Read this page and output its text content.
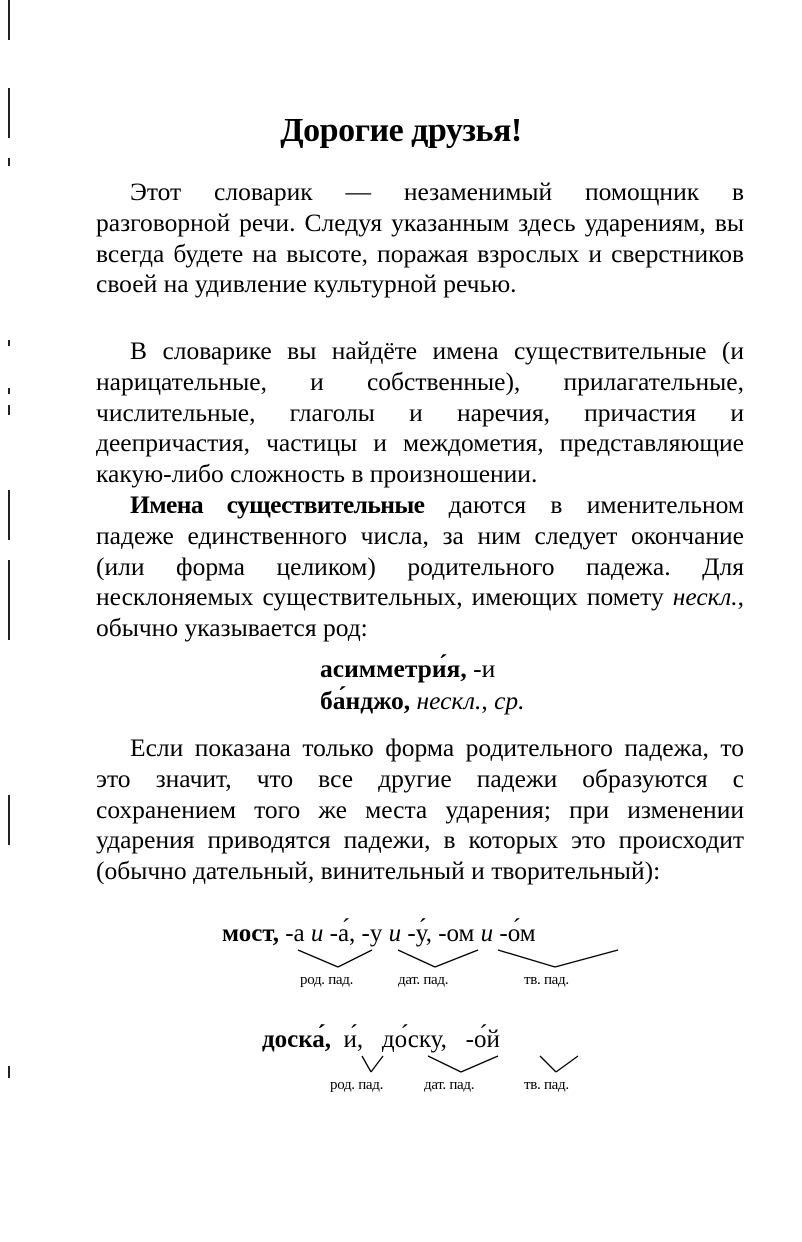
Дорогие друзья!

Этот словарик — незаменимый помощник в разговорной речи. Следуя указанным здесь ударениям, вы всегда будете на высоте, поражая взрослых и сверстников своей на удивление культурной речью.

В словарике вы найдёте имена существительные (и нарицательные, и собственные), прилагательные, числительные, глаголы и наречия, причастия и деепричастия, частицы и междометия, представляющие какую-либо сложность в произношении.

Имена существительные даются в именительном падеже единственного числа, за ним следует окончание (или форма целиком) родительного падежа. Для несклоняемых существительных, имеющих помету нескл., обычно указывается род:

асимметри́я, -и
ба́нджо, нескл., ср.

Если показана только форма родительного падежа, то это значит, что все другие падежи образуются с сохранением того же места ударения; при изменении ударения приводятся падежи, в которых это происходит (обычно дательный, винительный и творительный):

мост, -а и -а́, -у и -у́, -ом и -о́м
род. пад.	дат. пад.	тв. пад.
доска́, и́, до́ску, -о́й
род. пад.	дат. пад.	тв. пад.
